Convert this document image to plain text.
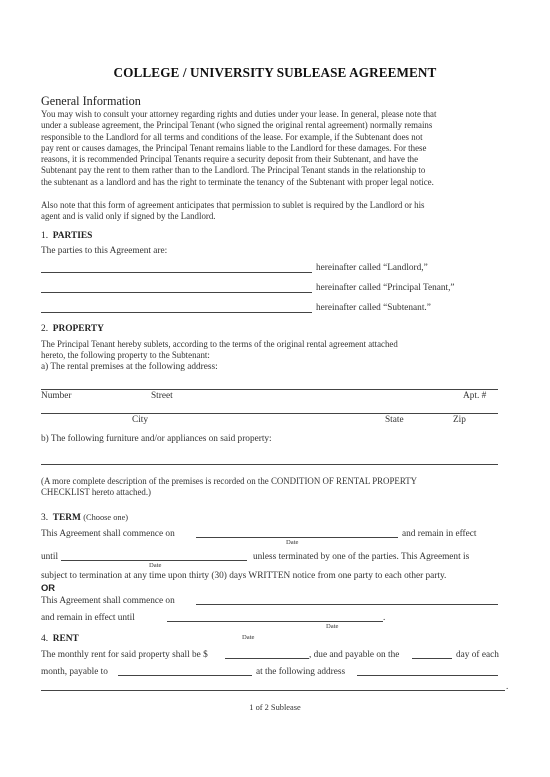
COLLEGE / UNIVERSITY SUBLEASE AGREEMENT
General Information
You may wish to consult your attorney regarding rights and duties under your lease. In general, please note that
under a sublease agreement, the Principal Tenant (who signed the original rental agreement) normally remains
responsible to the Landlord for all terms and conditions of the lease. For example, if the Subtenant does not
pay rent or causes damages, the Principal Tenant remains liable to the Landlord for these damages. For these
reasons, it is recommended Principal Tenants require a security deposit from their Subtenant, and have the
Subtenant pay the rent to them rather than to the Landlord. The Principal Tenant stands in the relationship to
the subtenant as a landlord and has the right to terminate the tenancy of the Subtenant with proper legal notice.
Also note that this form of agreement anticipates that permission to sublet is required by the Landlord or his
agent and is valid only if signed by the Landlord.
1. PARTIES
The parties to this Agreement are:
hereinafter called “Landlord,”
hereinafter called “Principal Tenant,”
hereinafter called “Subtenant.”
2. PROPERTY
The Principal Tenant hereby sublets, according to the terms of the original rental agreement attached
hereto, the following property to the Subtenant:
a) The rental premises at the following address:
Number	Street	Apt. #
City	State	Zip
b) The following furniture and/or appliances on said property:
(A more complete description of the premises is recorded on the CONDITION OF RENTAL PROPERTY
CHECKLIST hereto attached.)
3. TERM (Choose one)
This Agreement shall commence on
Date
and remain in effect
until
Date
unless terminated by one of the parties. This Agreement is
subject to termination at any time upon thirty (30) days WRITTEN notice from one party to each other party.
OR
This Agreement shall commence on
and remain in effect until	.
Date
Date
4. RENT
The monthly rent for said property shall be $	, due and payable on the	day of each
month, payable to	at the following address
.
1 of 2 Sublease
